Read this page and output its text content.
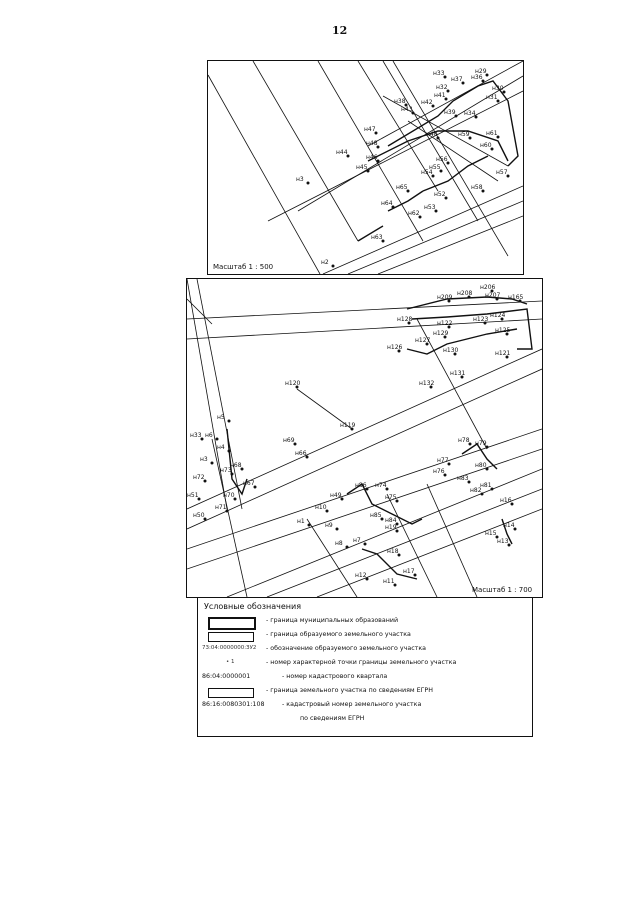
12
н29
н30
н31
н32
н33
н34
н36
н37
н38
н39
н40
н41
н42
н43
н44
н45
н46
н47
н48
н52
н53
н54
н55
н56
н57
н58
н59
н60
н61
н62
н63
н64
н65
н2
н3
Масштаб 1 : 500
н209
н208
н206
н207 н165
н128
н122
н123
н124
н125
н129
н127
н126	н130	н121
н131
н132
н120
н119
н5
н33 н6
н4
н69
н66
н3
н68
н73
н72
н67
н70
н51
н71
н50
н78 н79
н77
н76
н80
н83
н81
н82
н86 н74
н49	н75
н10
н85
н84
н1
н9	н19
н8 н7
н18
н12
н16
н14
н15
н13
н17
н11
Масштаб 1 : 700
Условные обозначения
- граница муниципальных образований
- граница образуемого земельного участка
73:04:0000000:ЗУ2 - обозначение образуемого земельного участка
• 1	- номер характерной точки границы земельного участка
86:04:0000001	- номер кадастрового квартала
- граница земельного участка по сведениям ЕГРН
86:16:0080301:108	- кадастровый номер земельного участка
по сведениям ЕГРН
